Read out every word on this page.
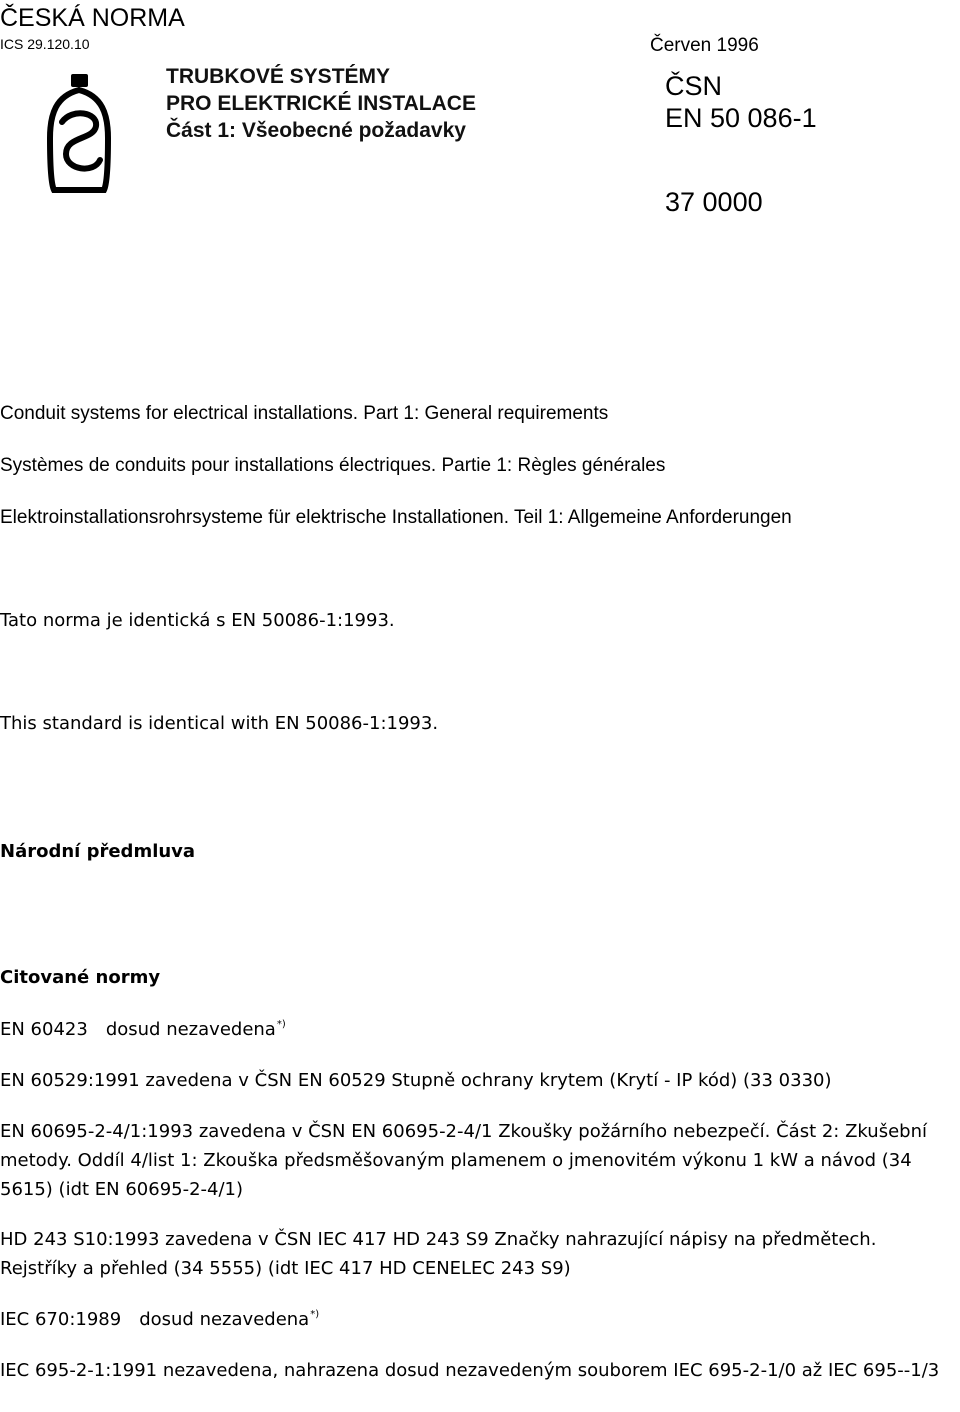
ČESKÁ NORMA
ICS 29.120.10	Červen 1996
TRUBKOVÉ SYSTÉMY
PRO ELEKTRICKÉ INSTALACE
Část 1: Všeobecné požadavky
ČSN
EN 50 086-1
37 0000
Conduit systems for electrical installations. Part 1: General requirements
Systèmes de conduits pour installations électriques. Partie 1: Règles générales
Elektroinstallationsrohrsysteme für elektrische Installationen. Teil 1: Allgemeine Anforderungen
Tato norma je identická s EN 50086-1:1993.
This standard is identical with EN 50086-1:1993.
Národní předmluva
Citované normy
EN 60423 dosud nezavedena*)
EN 60529:1991 zavedena v ČSN EN 60529 Stupně ochrany krytem (Krytí - IP kód) (33 0330)
EN 60695-2-4/1:1993 zavedena v ČSN EN 60695-2-4/1 Zkoušky požárního nebezpečí. Část 2: Zkušební metody. Oddíl 4/list 1: Zkouška předsměšovaným plamenem o jmenovitém výkonu 1 kW a návod (34 5615) (idt EN 60695-2-4/1)
HD 243 S10:1993 zavedena v ČSN IEC 417 HD 243 S9 Značky nahrazující nápisy na předmětech. Rejstříky a přehled (34 5555) (idt IEC 417 HD CENELEC 243 S9)
IEC 670:1989 dosud nezavedena*)
IEC 695-2-1:1991 nezavedena, nahrazena dosud nezavedeným souborem IEC 695-2-1/0 až IEC 695--1/3
